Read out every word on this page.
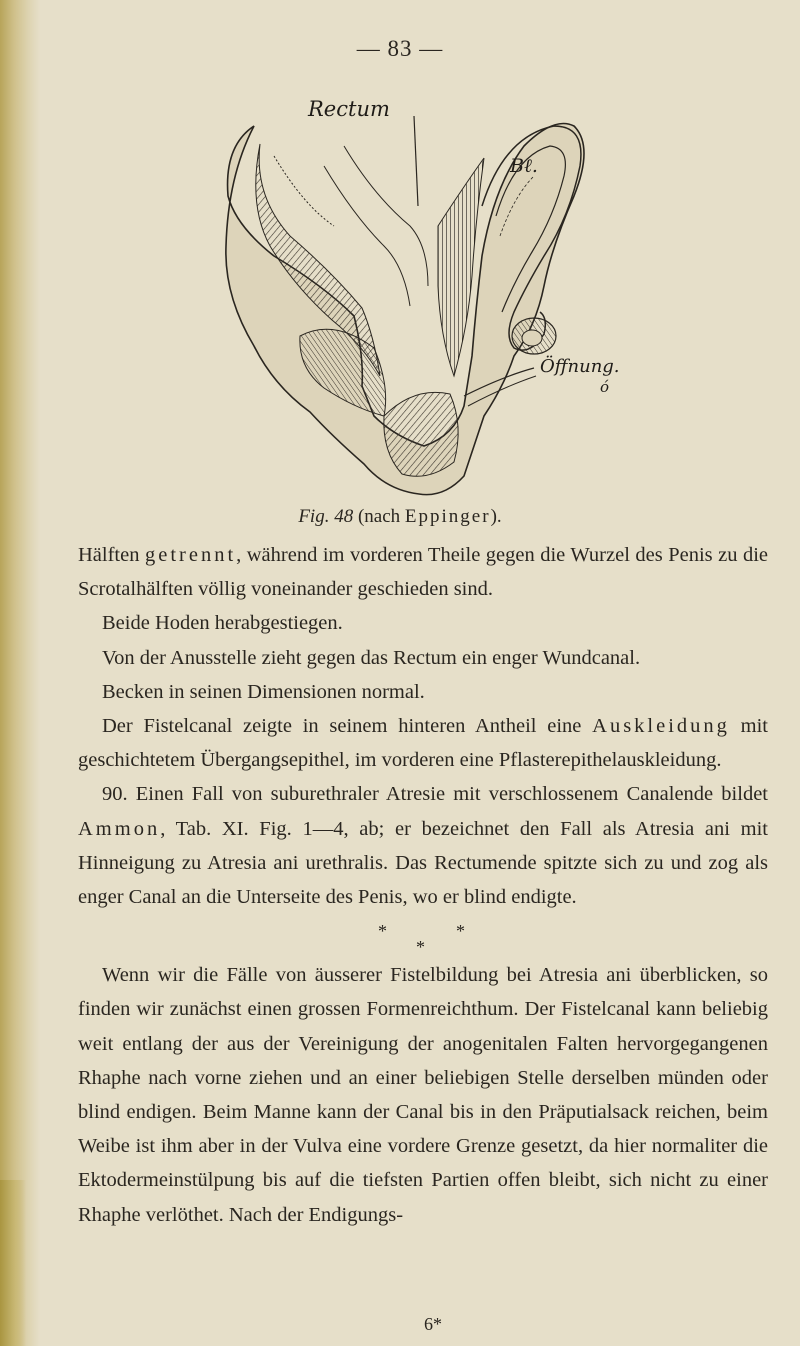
— 83 —
Rectum
Bℓ.
Öffnung.
ó
Fig. 48 (nach Eppinger).

Hälften getrennt, während im vorderen Theile gegen die Wurzel des Penis zu die Scrotalhälften völlig voneinander geschieden sind.

Beide Hoden herabgestiegen.

Von der Anusstelle zieht gegen das Rectum ein enger Wundcanal.

Becken in seinen Dimensionen normal.

Der Fistelcanal zeigte in seinem hinteren Antheil eine Auskleidung mit geschichtetem Übergangsepithel, im vorderen eine Pflasterepithelauskleidung.

90. Einen Fall von suburethraler Atresie mit verschlossenem Canalende bildet Ammon, Tab. XI. Fig. 1—4, ab; er bezeichnet den Fall als Atresia ani mit Hinneigung zu Atresia ani urethralis. Das Rectumende spitzte sich zu und zog als enger Canal an die Unterseite des Penis, wo er blind endigte.

*	*
*

Wenn wir die Fälle von äusserer Fistelbildung bei Atresia ani überblicken, so finden wir zunächst einen grossen Formenreichthum. Der Fistelcanal kann beliebig weit entlang der aus der Vereinigung der anogenitalen Falten hervorgegangenen Rhaphe nach vorne ziehen und an einer beliebigen Stelle derselben münden oder blind endigen. Beim Manne kann der Canal bis in den Präputialsack reichen, beim Weibe ist ihm aber in der Vulva eine vordere Grenze gesetzt, da hier normaliter die Ektodermeinstülpung bis auf die tiefsten Partien offen bleibt, sich nicht zu einer Rhaphe verlöthet. Nach der Endigungs-

6*
